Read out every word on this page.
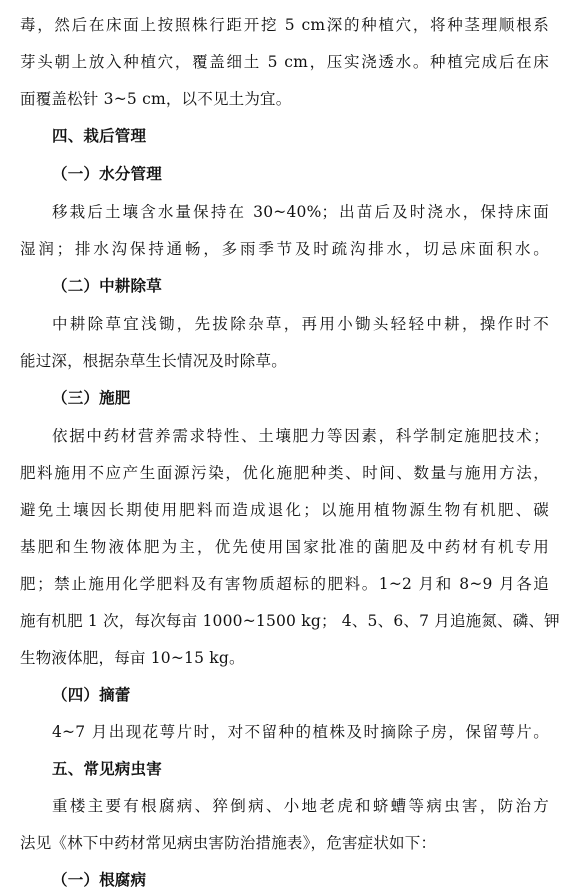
毒，然后在床面上按照株行距开挖 5 cm深的种植穴，将种茎理顺根系
芽头朝上放入种植穴，覆盖细土 5 cm，压实浇透水。种植完成后在床
面覆盖松针 3~5 cm，以不见土为宜。
四、栽后管理
（一）水分管理
移栽后土壤含水量保持在 30~40%；出苗后及时浇水，保持床面
湿润；排水沟保持通畅，多雨季节及时疏沟排水，切忌床面积水。
（二）中耕除草
中耕除草宜浅锄，先拔除杂草，再用小锄头轻轻中耕，操作时不
能过深，根据杂草生长情况及时除草。
（三）施肥
依据中药材营养需求特性、土壤肥力等因素，科学制定施肥技术；
肥料施用不应产生面源污染，优化施肥种类、时间、数量与施用方法，
避免土壤因长期使用肥料而造成退化；以施用植物源生物有机肥、碳
基肥和生物液体肥为主，优先使用国家批准的菌肥及中药材有机专用
肥；禁止施用化学肥料及有害物质超标的肥料。1~2 月和 8~9 月各追
施有机肥 1 次，每次每亩 1000~1500 kg； 4、5、6、7 月追施氮、磷、钾
生物液体肥，每亩 10~15 kg。
（四）摘蕾
4~7 月出现花萼片时，对不留种的植株及时摘除子房，保留萼片。
五、常见病虫害
重楼主要有根腐病、猝倒病、小地老虎和蛴螬等病虫害，防治方
法见《林下中药材常见病虫害防治措施表》，危害症状如下：
（一）根腐病
